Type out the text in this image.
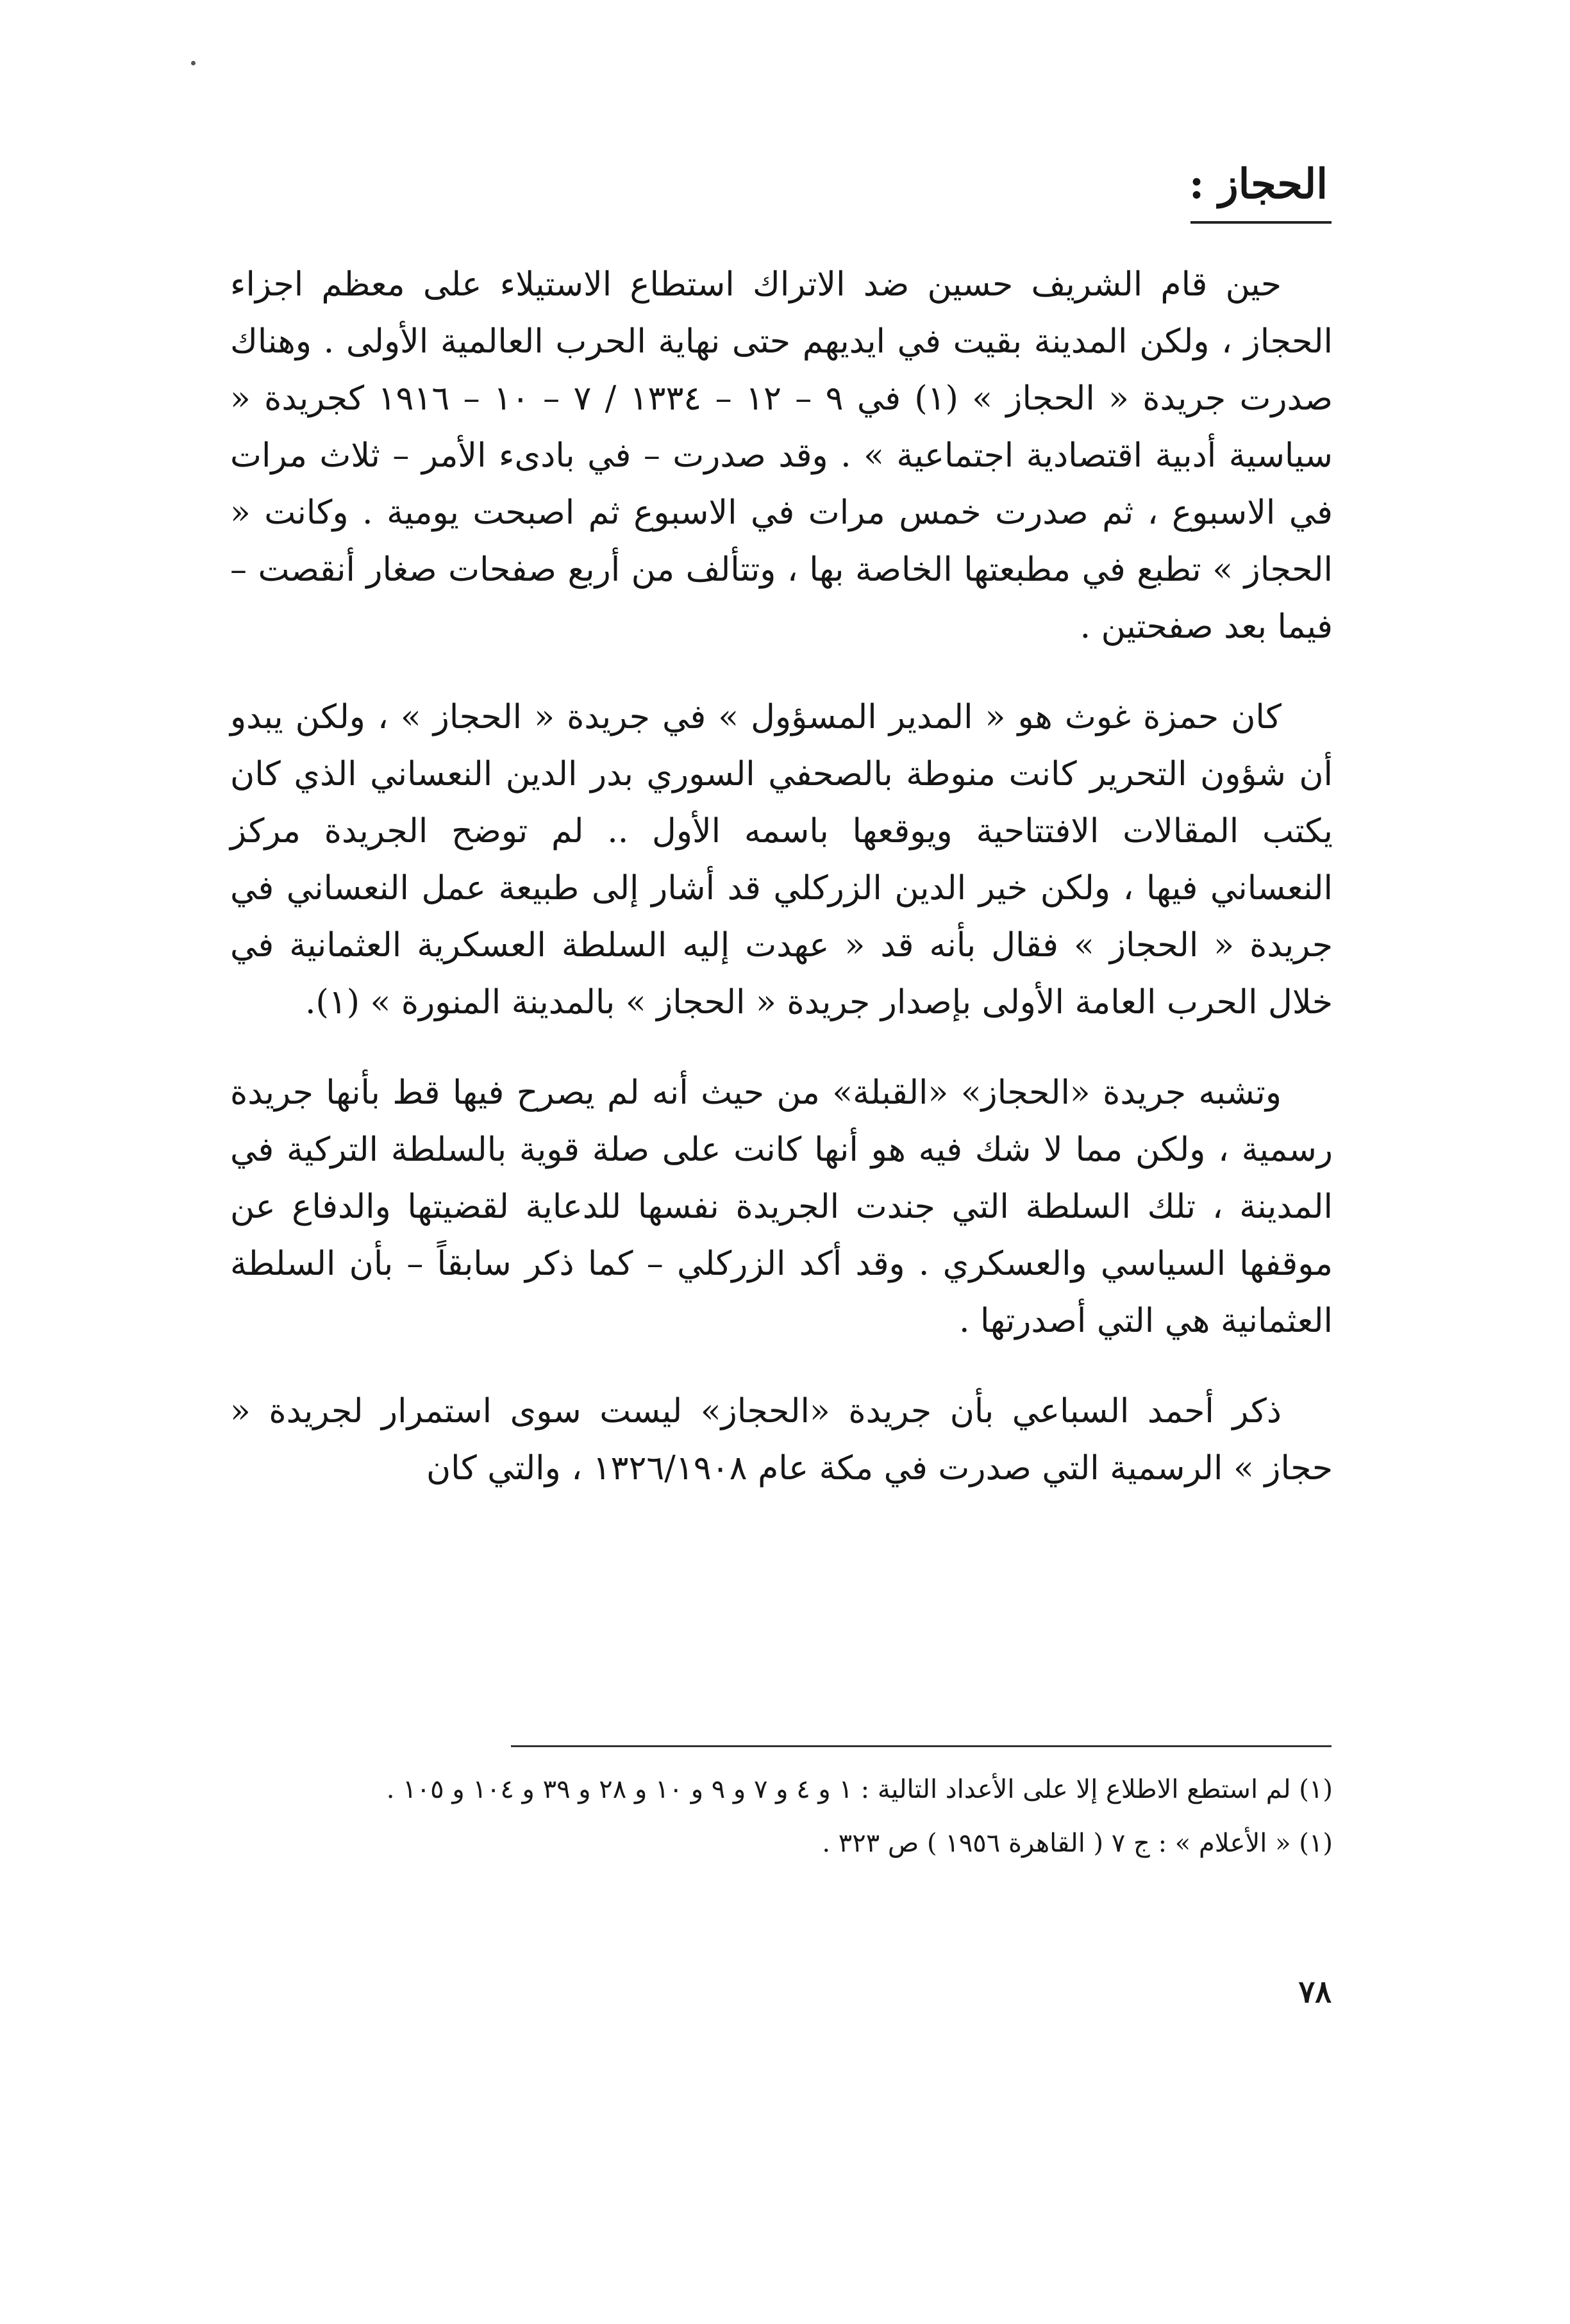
الحجاز :

حين قام الشريف حسين ضد الاتراك استطاع الاستيلاء على معظم اجزاء الحجاز ، ولكن المدينة بقيت في ايديهم حتى نهاية الحرب العالمية الأولى . وهناك صدرت جريدة « الحجاز » (١) في ٩ – ١٢ – ١٣٣٤ / ٧ – ١٠ – ١٩١٦ كجريدة « سياسية أدبية اقتصادية اجتماعية » . وقد صدرت – في بادىء الأمر – ثلاث مرات في الاسبوع ، ثم صدرت خمس مرات في الاسبوع ثم اصبحت يومية . وكانت « الحجاز » تطبع في مطبعتها الخاصة بها ، وتتألف من أربع صفحات صغار أنقصت – فيما بعد صفحتين .

كان حمزة غوث هو « المدير المسؤول » في جريدة « الحجاز » ، ولكن يبدو أن شؤون التحرير كانت منوطة بالصحفي السوري بدر الدين النعساني الذي كان يكتب المقالات الافتتاحية ويوقعها باسمه الأول .. لم توضح الجريدة مركز النعساني فيها ، ولكن خير الدين الزركلي قد أشار إلى طبيعة عمل النعساني في جريدة « الحجاز » فقال بأنه قد « عهدت إليه السلطة العسكرية العثمانية في خلال الحرب العامة الأولى بإصدار جريدة « الحجاز » بالمدينة المنورة » (١).

وتشبه جريدة «الحجاز» «القبلة» من حيث أنه لم يصرح فيها قط بأنها جريدة رسمية ، ولكن مما لا شك فيه هو أنها كانت على صلة قوية بالسلطة التركية في المدينة ، تلك السلطة التي جندت الجريدة نفسها للدعاية لقضيتها والدفاع عن موقفها السياسي والعسكري . وقد أكد الزركلي – كما ذكر سابقاً – بأن السلطة العثمانية هي التي أصدرتها .

ذكر أحمد السباعي بأن جريدة «الحجاز» ليست سوى استمرار لجريدة « حجاز » الرسمية التي صدرت في مكة عام ١٣٢٦/١٩٠٨ ، والتي كان

(١) لم استطع الاطلاع إلا على الأعداد التالية : ١ و ٤ و ٧ و ٩ و ١٠ و ٢٨ و ٣٩ و ١٠٤ و ١٠٥ .

(١) « الأعلام » : ج ٧ ( القاهرة ١٩٥٦ ) ص ٣٢٣ .

٧٨
